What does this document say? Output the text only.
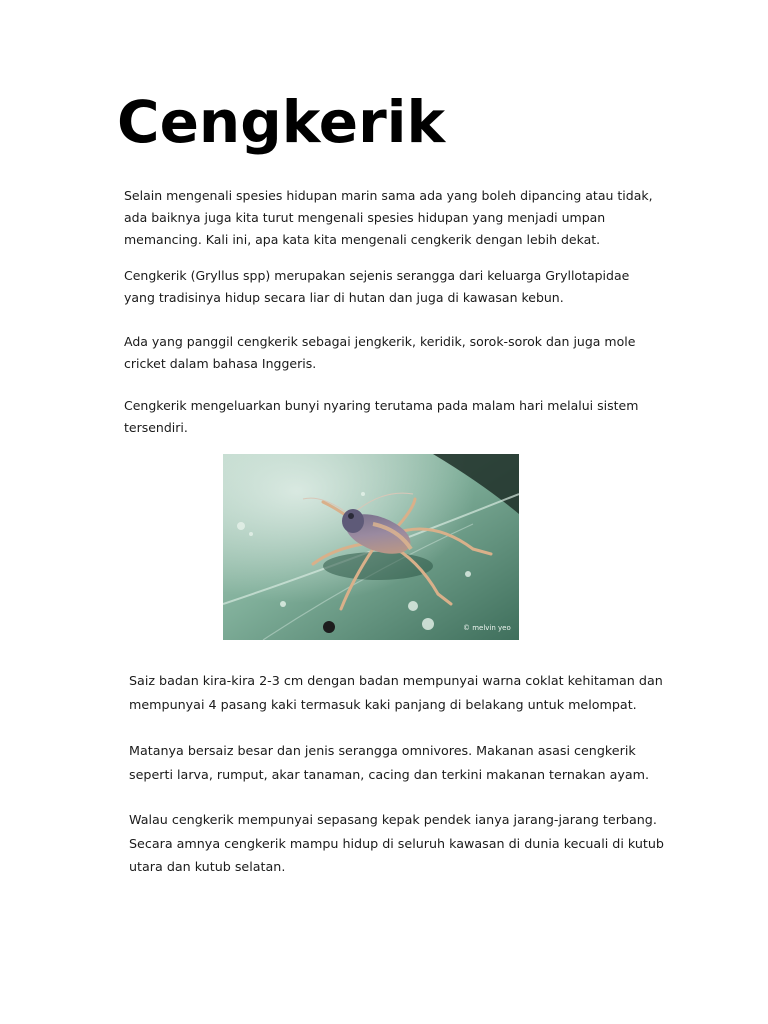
Cengkerik

Selain mengenali spesies hidupan marin sama ada yang boleh dipancing atau tidak,
ada baiknya juga kita turut mengenali spesies hidupan yang menjadi umpan
memancing. Kali ini, apa kata kita mengenali cengkerik dengan lebih dekat.

Cengkerik (Gryllus spp) merupakan sejenis serangga dari keluarga Gryllotapidae
yang tradisinya hidup secara liar di hutan dan juga di kawasan kebun.

Ada yang panggil cengkerik sebagai jengkerik, keridik, sorok-sorok dan juga mole
cricket dalam bahasa Inggeris.

Cengkerik mengeluarkan bunyi nyaring terutama pada malam hari melalui sistem
tersendiri.

© melvin yeo

Saiz badan kira-kira 2-3 cm dengan badan mempunyai warna coklat kehitaman dan
mempunyai 4 pasang kaki termasuk kaki panjang di belakang untuk melompat.

Matanya bersaiz besar dan jenis serangga omnivores. Makanan asasi cengkerik
seperti larva, rumput, akar tanaman, cacing dan terkini makanan ternakan ayam.

Walau cengkerik mempunyai sepasang kepak pendek ianya jarang-jarang terbang.
Secara amnya cengkerik mampu hidup di seluruh kawasan di dunia kecuali di kutub
utara dan kutub selatan.
